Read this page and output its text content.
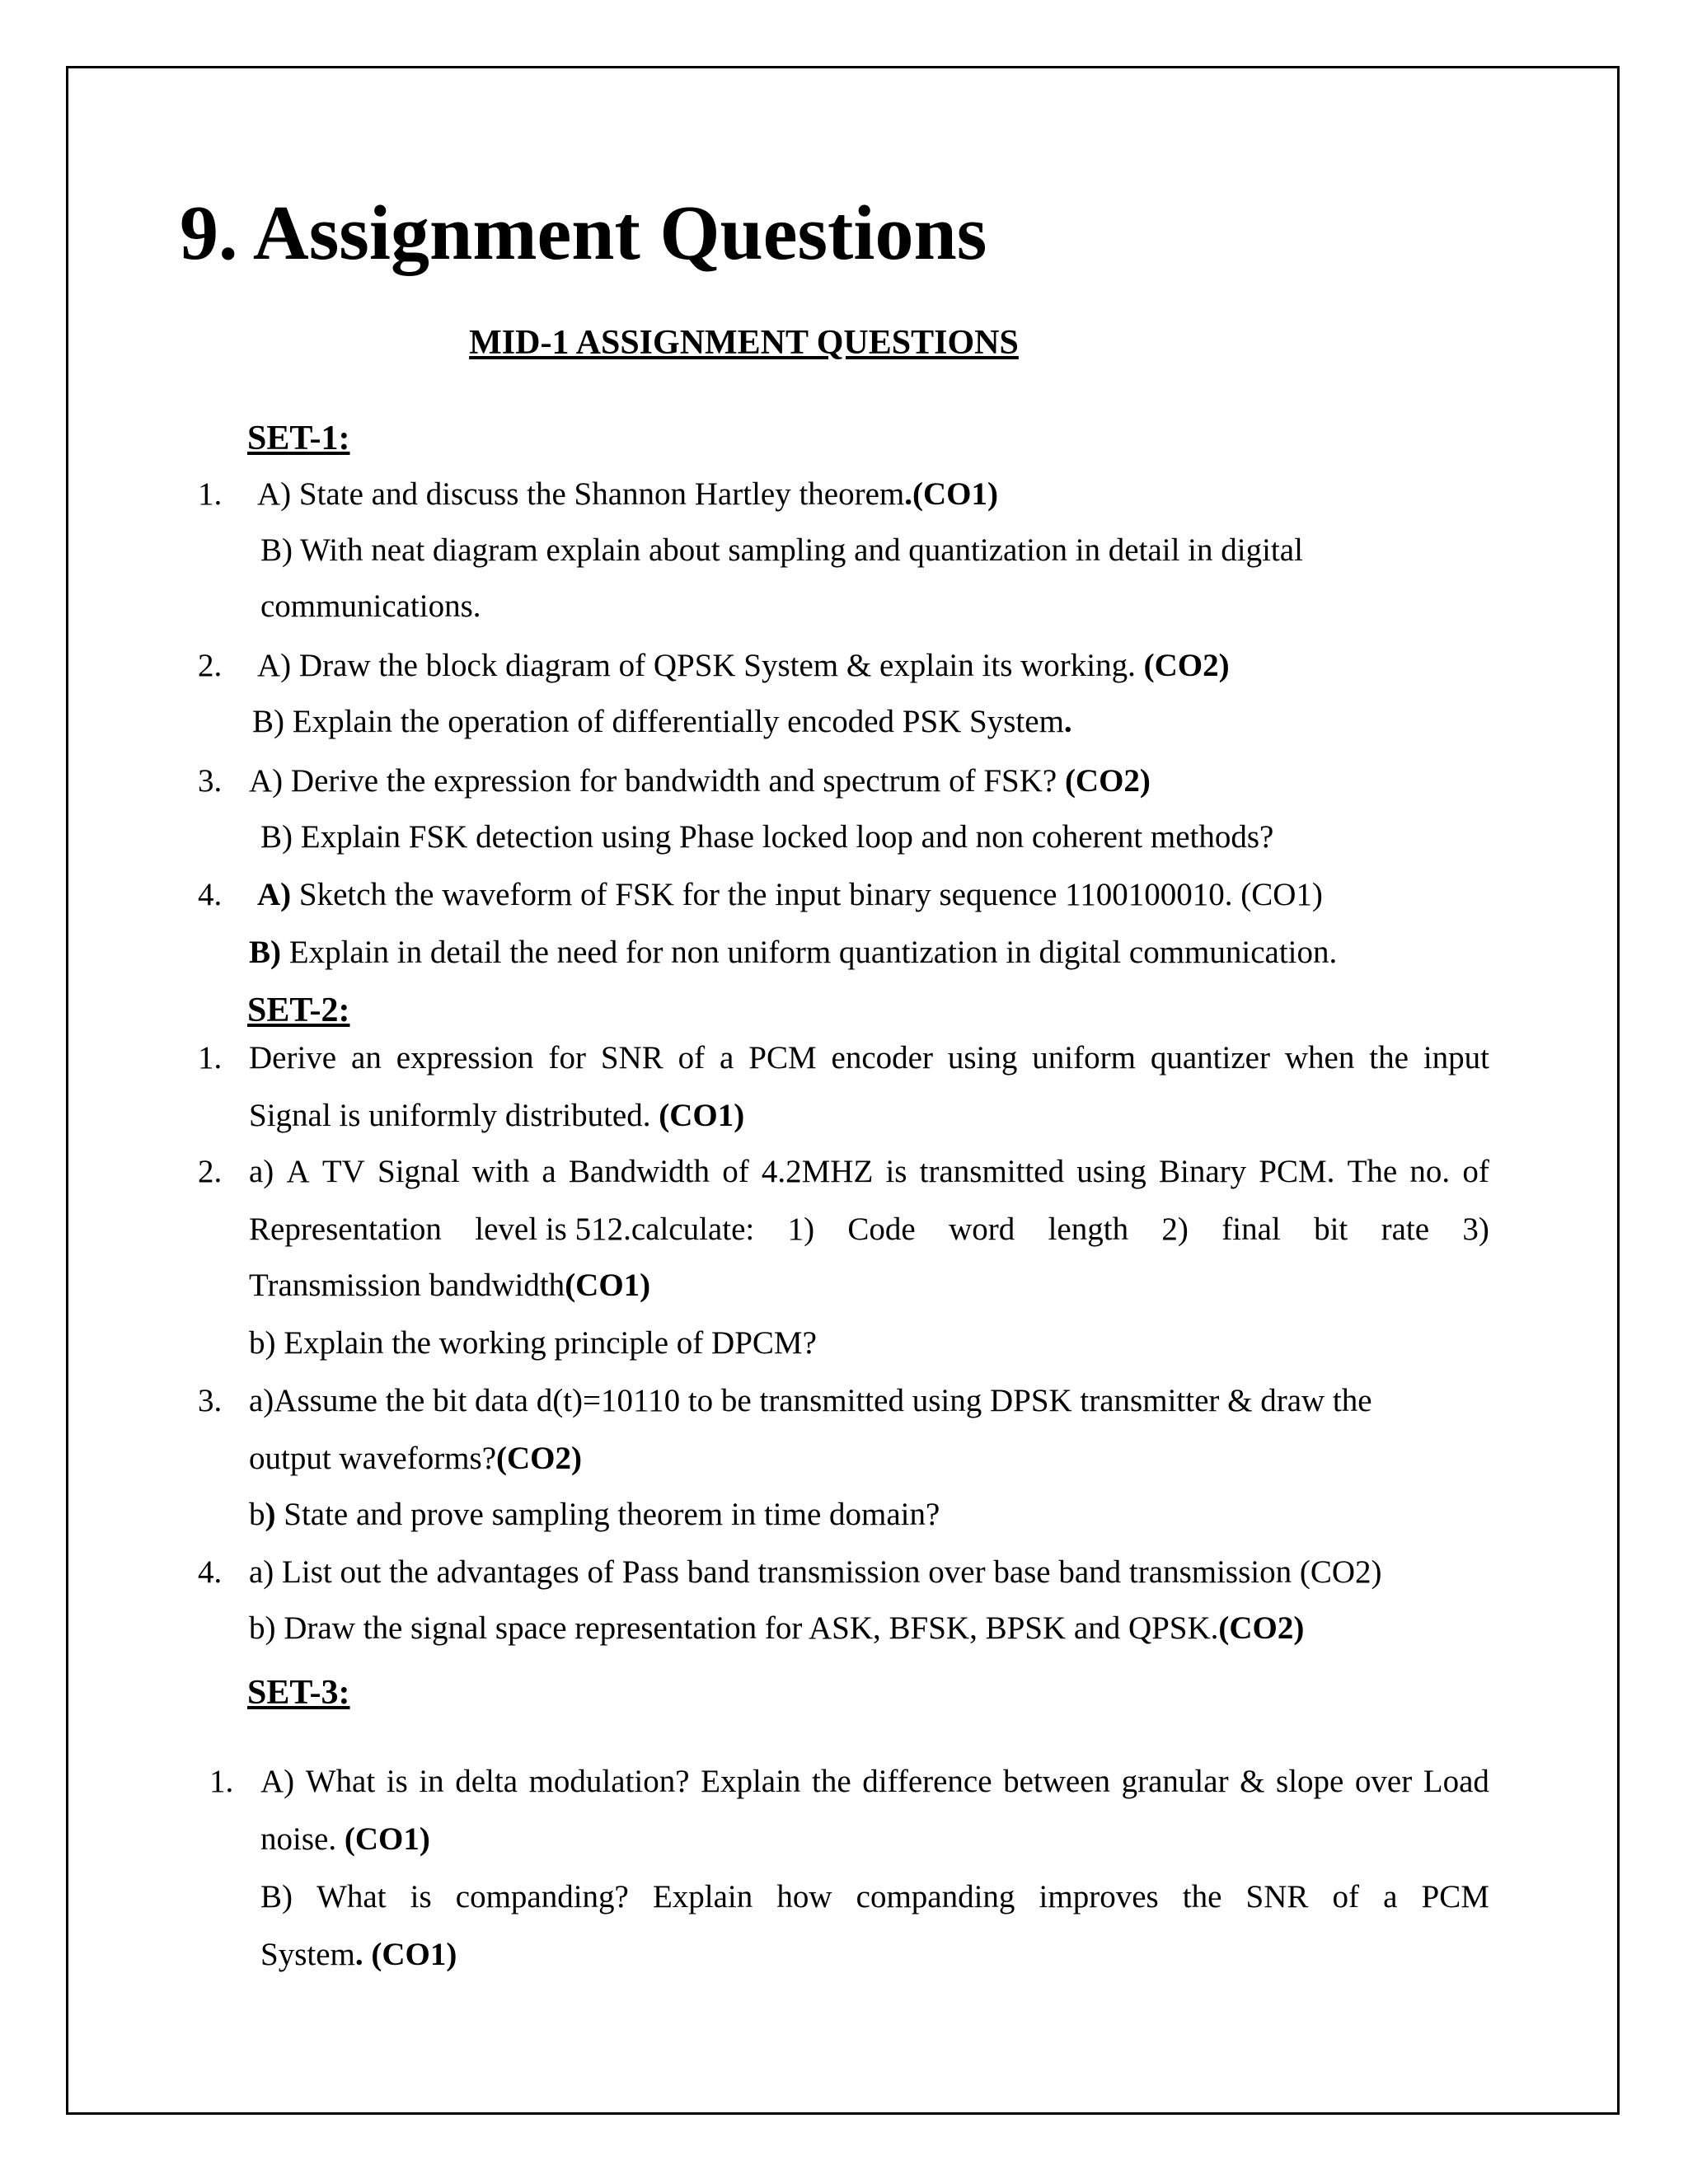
9. Assignment Questions
MID-1 ASSIGNMENT QUESTIONS
SET-1:
1. A) State and discuss the Shannon Hartley theorem.(CO1)
B) With neat diagram explain about sampling and quantization in detail in digital
communications.
2. A) Draw the block diagram of QPSK System & explain its working. (CO2)
B) Explain the operation of differentially encoded PSK System.
3. A) Derive the expression for bandwidth and spectrum of FSK? (CO2)
B) Explain FSK detection using Phase locked loop and non coherent methods?
4. A) Sketch the waveform of FSK for the input binary sequence 1100100010. (CO1)
B) Explain in detail the need for non uniform quantization in digital communication.
SET-2:
1. Derive an expression for SNR of a PCM encoder using uniform quantizer when the input
Signal is uniformly distributed. (CO1)
2. a) A TV Signal with a Bandwidth of 4.2MHZ is transmitted using Binary PCM. The no. of
Representation level is 512.calculate: 1) Code word length 2) final bit rate 3)
Transmission bandwidth(CO1)
b) Explain the working principle of DPCM?
3. a)Assume the bit data d(t)=10110 to be transmitted using DPSK transmitter & draw the
output waveforms?(CO2)
b) State and prove sampling theorem in time domain?
4. a) List out the advantages of Pass band transmission over base band transmission (CO2)
b) Draw the signal space representation for ASK, BFSK, BPSK and QPSK.(CO2)
SET-3:
1. A) What is in delta modulation? Explain the difference between granular & slope over Load
noise. (CO1)
B) What is companding? Explain how companding improves the SNR of a PCM
System. (CO1)
